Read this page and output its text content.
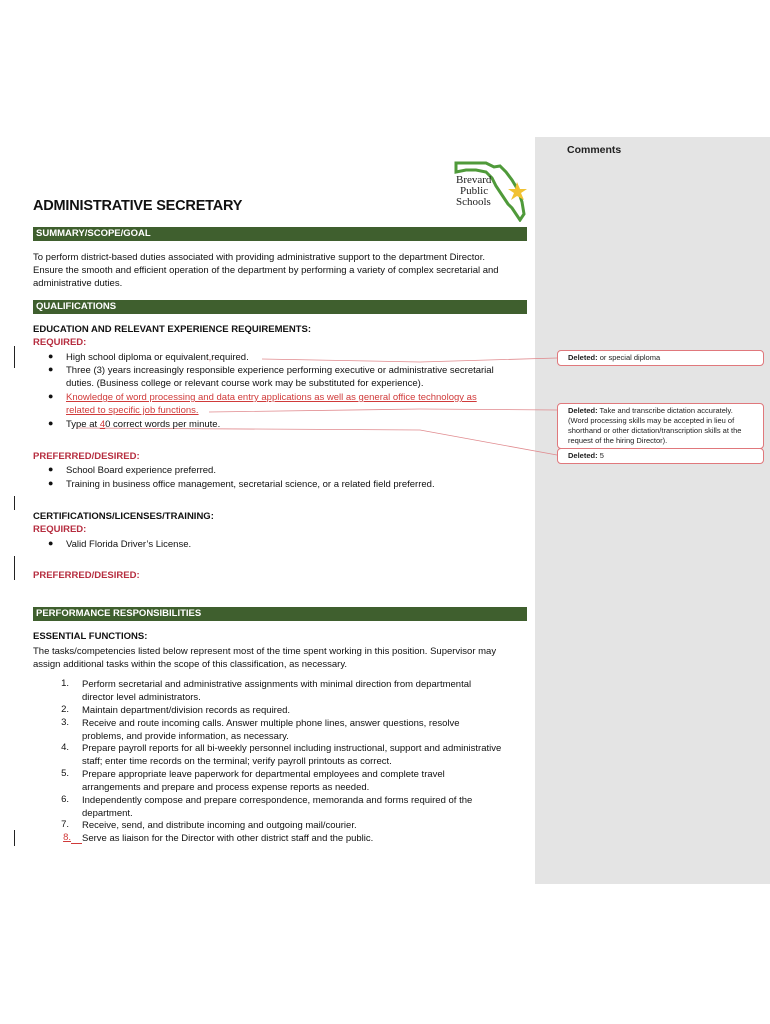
Comments
Brevard
Public
Schools
ADMINISTRATIVE SECRETARY
SUMMARY/SCOPE/GOAL
To perform district-based duties associated with providing administrative support to the department Director.
Ensure the smooth and efficient operation of the department by performing a variety of complex secretarial and
administrative duties.
QUALIFICATIONS
EDUCATION AND RELEVANT EXPERIENCE REQUIREMENTS:
REQUIRED:
● High school diploma or equivalent,required.
● Three (3) years increasingly responsible experience performing executive or administrative secretarial
duties. (Business college or relevant course work may be substituted for experience).
● Knowledge of word processing and data entry applications as well as general office technology as
related to specific job functions.
● Type at 40 correct words per minute.
PREFERRED/DESIRED:
● School Board experience preferred.
● Training in business office management, secretarial science, or a related field preferred.
CERTIFICATIONS/LICENSES/TRAINING:
REQUIRED:
● Valid Florida Driver’s License.
PREFERRED/DESIRED:
PERFORMANCE RESPONSIBILITIES
ESSENTIAL FUNCTIONS:
The tasks/competencies listed below represent most of the time spent working in this position. Supervisor may
assign additional tasks within the scope of this classification, as necessary.
1. Perform secretarial and administrative assignments with minimal direction from departmental
director level administrators.
2. Maintain department/division records as required.
3. Receive and route incoming calls. Answer multiple phone lines, answer questions, resolve
problems, and provide information, as necessary.
4. Prepare payroll reports for all bi-weekly personnel including instructional, support and administrative
staff; enter time records on the terminal; verify payroll printouts as correct.
5. Prepare appropriate leave paperwork for departmental employees and complete travel
arrangements and prepare and process expense reports as needed.
6. Independently compose and prepare correspondence, memoranda and forms required of the
department.
7. Receive, send, and distribute incoming and outgoing mail/courier.
8. Serve as liaison for the Director with other district staff and the public.
Deleted: or special diploma
Deleted: Take and transcribe dictation accurately.
(Word processing skills may be accepted in lieu of
shorthand or other dictation/transcription skills at the
request of the hiring Director).
Deleted: 5
